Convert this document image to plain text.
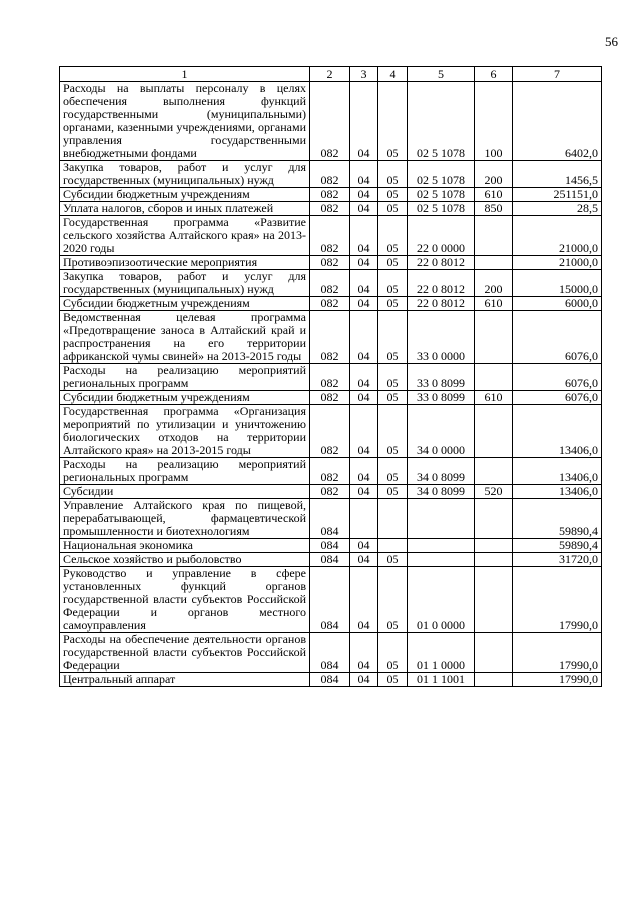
56
1	2	3	4	5	6	7
Расходы на выплаты персоналу в целях обеспечения выполнения функций государственными (муниципальными) органами, казенными учреждениями, органами управления государственными внебюджетными фондами	082	04	05	02 5 1078	100	6402,0
Закупка товаров, работ и услуг для государственных (муниципальных) нужд	082	04	05	02 5 1078	200	1456,5
Субсидии бюджетным учреждениям	082	04	05	02 5 1078	610	251151,0
Уплата налогов, сборов и иных платежей	082	04	05	02 5 1078	850	28,5
Государственная программа «Развитие сельского хозяйства Алтайского края» на 2013-2020 годы	082	04	05	22 0 0000		21000,0
Противоэпизоотические мероприятия	082	04	05	22 0 8012		21000,0
Закупка товаров, работ и услуг для государственных (муниципальных) нужд	082	04	05	22 0 8012	200	15000,0
Субсидии бюджетным учреждениям	082	04	05	22 0 8012	610	6000,0
Ведомственная целевая программа «Предотвращение заноса в Алтайский край и распространения на его территории африканской чумы свиней» на 2013-2015 годы	082	04	05	33 0 0000		6076,0
Расходы на реализацию мероприятий региональных программ	082	04	05	33 0 8099		6076,0
Субсидии бюджетным учреждениям	082	04	05	33 0 8099	610	6076,0
Государственная программа «Организация мероприятий по утилизации и уничтожению биологических отходов на территории Алтайского края» на 2013-2015 годы	082	04	05	34 0 0000		13406,0
Расходы на реализацию мероприятий региональных программ	082	04	05	34 0 8099		13406,0
Субсидии	082	04	05	34 0 8099	520	13406,0
Управление Алтайского края по пищевой, перерабатывающей, фармацевтической промышленности и биотехнологиям	084					59890,4
Национальная экономика	084	04				59890,4
Сельское хозяйство и рыболовство	084	04	05			31720,0
Руководство и управление в сфере установленных функций органов государственной власти субъектов Российской Федерации и органов местного самоуправления	084	04	05	01 0 0000		17990,0
Расходы на обеспечение деятельности органов государственной власти субъектов Российской Федерации	084	04	05	01 1 0000		17990,0
Центральный аппарат	084	04	05	01 1 1001		17990,0
